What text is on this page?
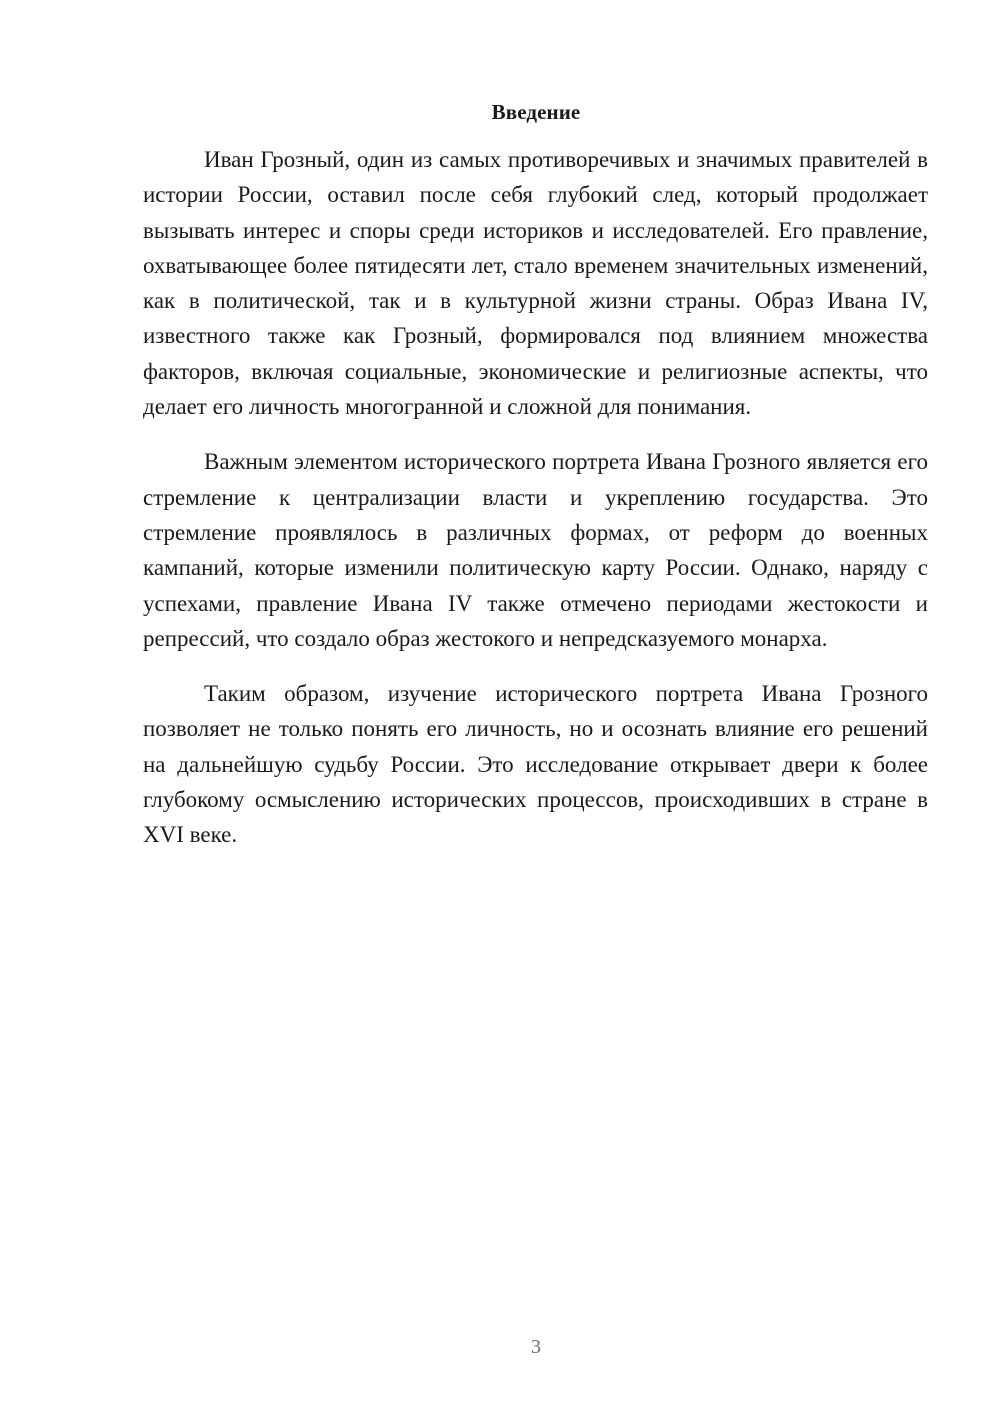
Введение

Иван Грозный, один из самых противоречивых и значимых правителей в истории России, оставил после себя глубокий след, который продолжает вызывать интерес и споры среди историков и исследователей. Его правление, охватывающее более пятидесяти лет, стало временем значительных изменений, как в политической, так и в культурной жизни страны. Образ Ивана IV, известного также как Грозный, формировался под влиянием множества факторов, включая социальные, экономические и религиозные аспекты, что делает его личность многогранной и сложной для понимания.

Важным элементом исторического портрета Ивана Грозного является его стремление к централизации власти и укреплению государства. Это стремление проявлялось в различных формах, от реформ до военных кампаний, которые изменили политическую карту России. Однако, наряду с успехами, правление Ивана IV также отмечено периодами жестокости и репрессий, что создало образ жестокого и непредсказуемого монарха.

Таким образом, изучение исторического портрета Ивана Грозного позволяет не только понять его личность, но и осознать влияние его решений на дальнейшую судьбу России. Это исследование открывает двери к более глубокому осмыслению исторических процессов, происходивших в стране в XVI веке.

3
